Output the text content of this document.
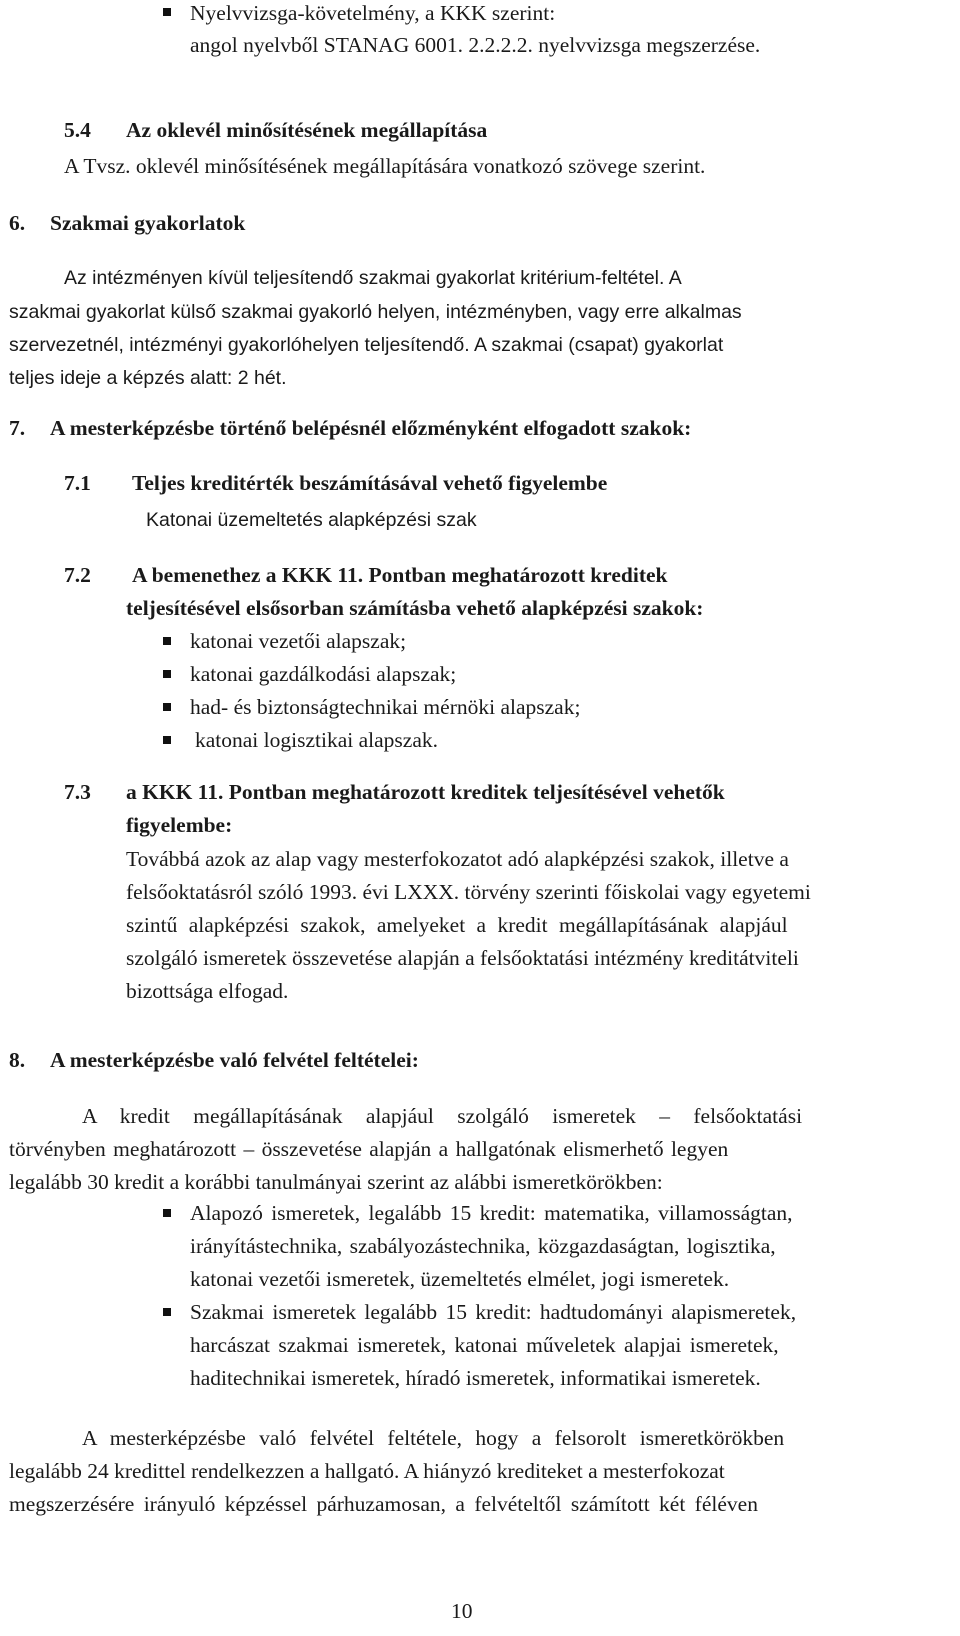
Nyelvvizsga-követelmény, a KKK szerint:
angol nyelvből STANAG 6001. 2.2.2.2. nyelvvizsga megszerzése.
5.4 Az oklevél minősítésének megállapítása
A Tvsz. oklevél minősítésének megállapítására vonatkozó szövege szerint.
6. Szakmai gyakorlatok
Az intézményen kívül teljesítendő szakmai gyakorlat kritérium-feltétel. A
szakmai gyakorlat külső szakmai gyakorló helyen, intézményben, vagy erre alkalmas
szervezetnél, intézményi gyakorlóhelyen teljesítendő. A szakmai (csapat) gyakorlat
teljes ideje a képzés alatt: 2 hét.
7. A mesterképzésbe történő belépésnél előzményként elfogadott szakok:
7.1 Teljes kreditérték beszámításával vehető figyelembe
Katonai üzemeltetés alapképzési szak
7.2 A bemenethez a KKK 11. Pontban meghatározott kreditek
teljesítésével elsősorban számításba vehető alapképzési szakok:
katonai vezetői alapszak;
katonai gazdálkodási alapszak;
had- és biztonságtechnikai mérnöki alapszak;
katonai logisztikai alapszak.
7.3 a KKK 11. Pontban meghatározott kreditek teljesítésével vehetők
figyelembe:
Továbbá azok az alap vagy mesterfokozatot adó alapképzési szakok, illetve a
felsőoktatásról szóló 1993. évi LXXX. törvény szerinti főiskolai vagy egyetemi
szintű alapképzési szakok, amelyeket a kredit megállapításának alapjául
szolgáló ismeretek összevetése alapján a felsőoktatási intézmény kreditátviteli
bizottsága elfogad.
8. A mesterképzésbe való felvétel feltételei:
A kredit megállapításának alapjául szolgáló ismeretek – felsőoktatási
törvényben meghatározott – összevetése alapján a hallgatónak elismerhető legyen
legalább 30 kredit a korábbi tanulmányai szerint az alábbi ismeretkörökben:
Alapozó ismeretek, legalább 15 kredit: matematika, villamosságtan,
irányítástechnika, szabályozástechnika, közgazdaságtan, logisztika,
katonai vezetői ismeretek, üzemeltetés elmélet, jogi ismeretek.
Szakmai ismeretek legalább 15 kredit: hadtudományi alapismeretek,
harcászat szakmai ismeretek, katonai műveletek alapjai ismeretek,
haditechnikai ismeretek, híradó ismeretek, informatikai ismeretek.
A mesterképzésbe való felvétel feltétele, hogy a felsorolt ismeretkörökben
legalább 24 kredittel rendelkezzen a hallgató. A hiányzó krediteket a mesterfokozat
megszerzésére irányuló képzéssel párhuzamosan, a felvételtől számított két féléven
10
